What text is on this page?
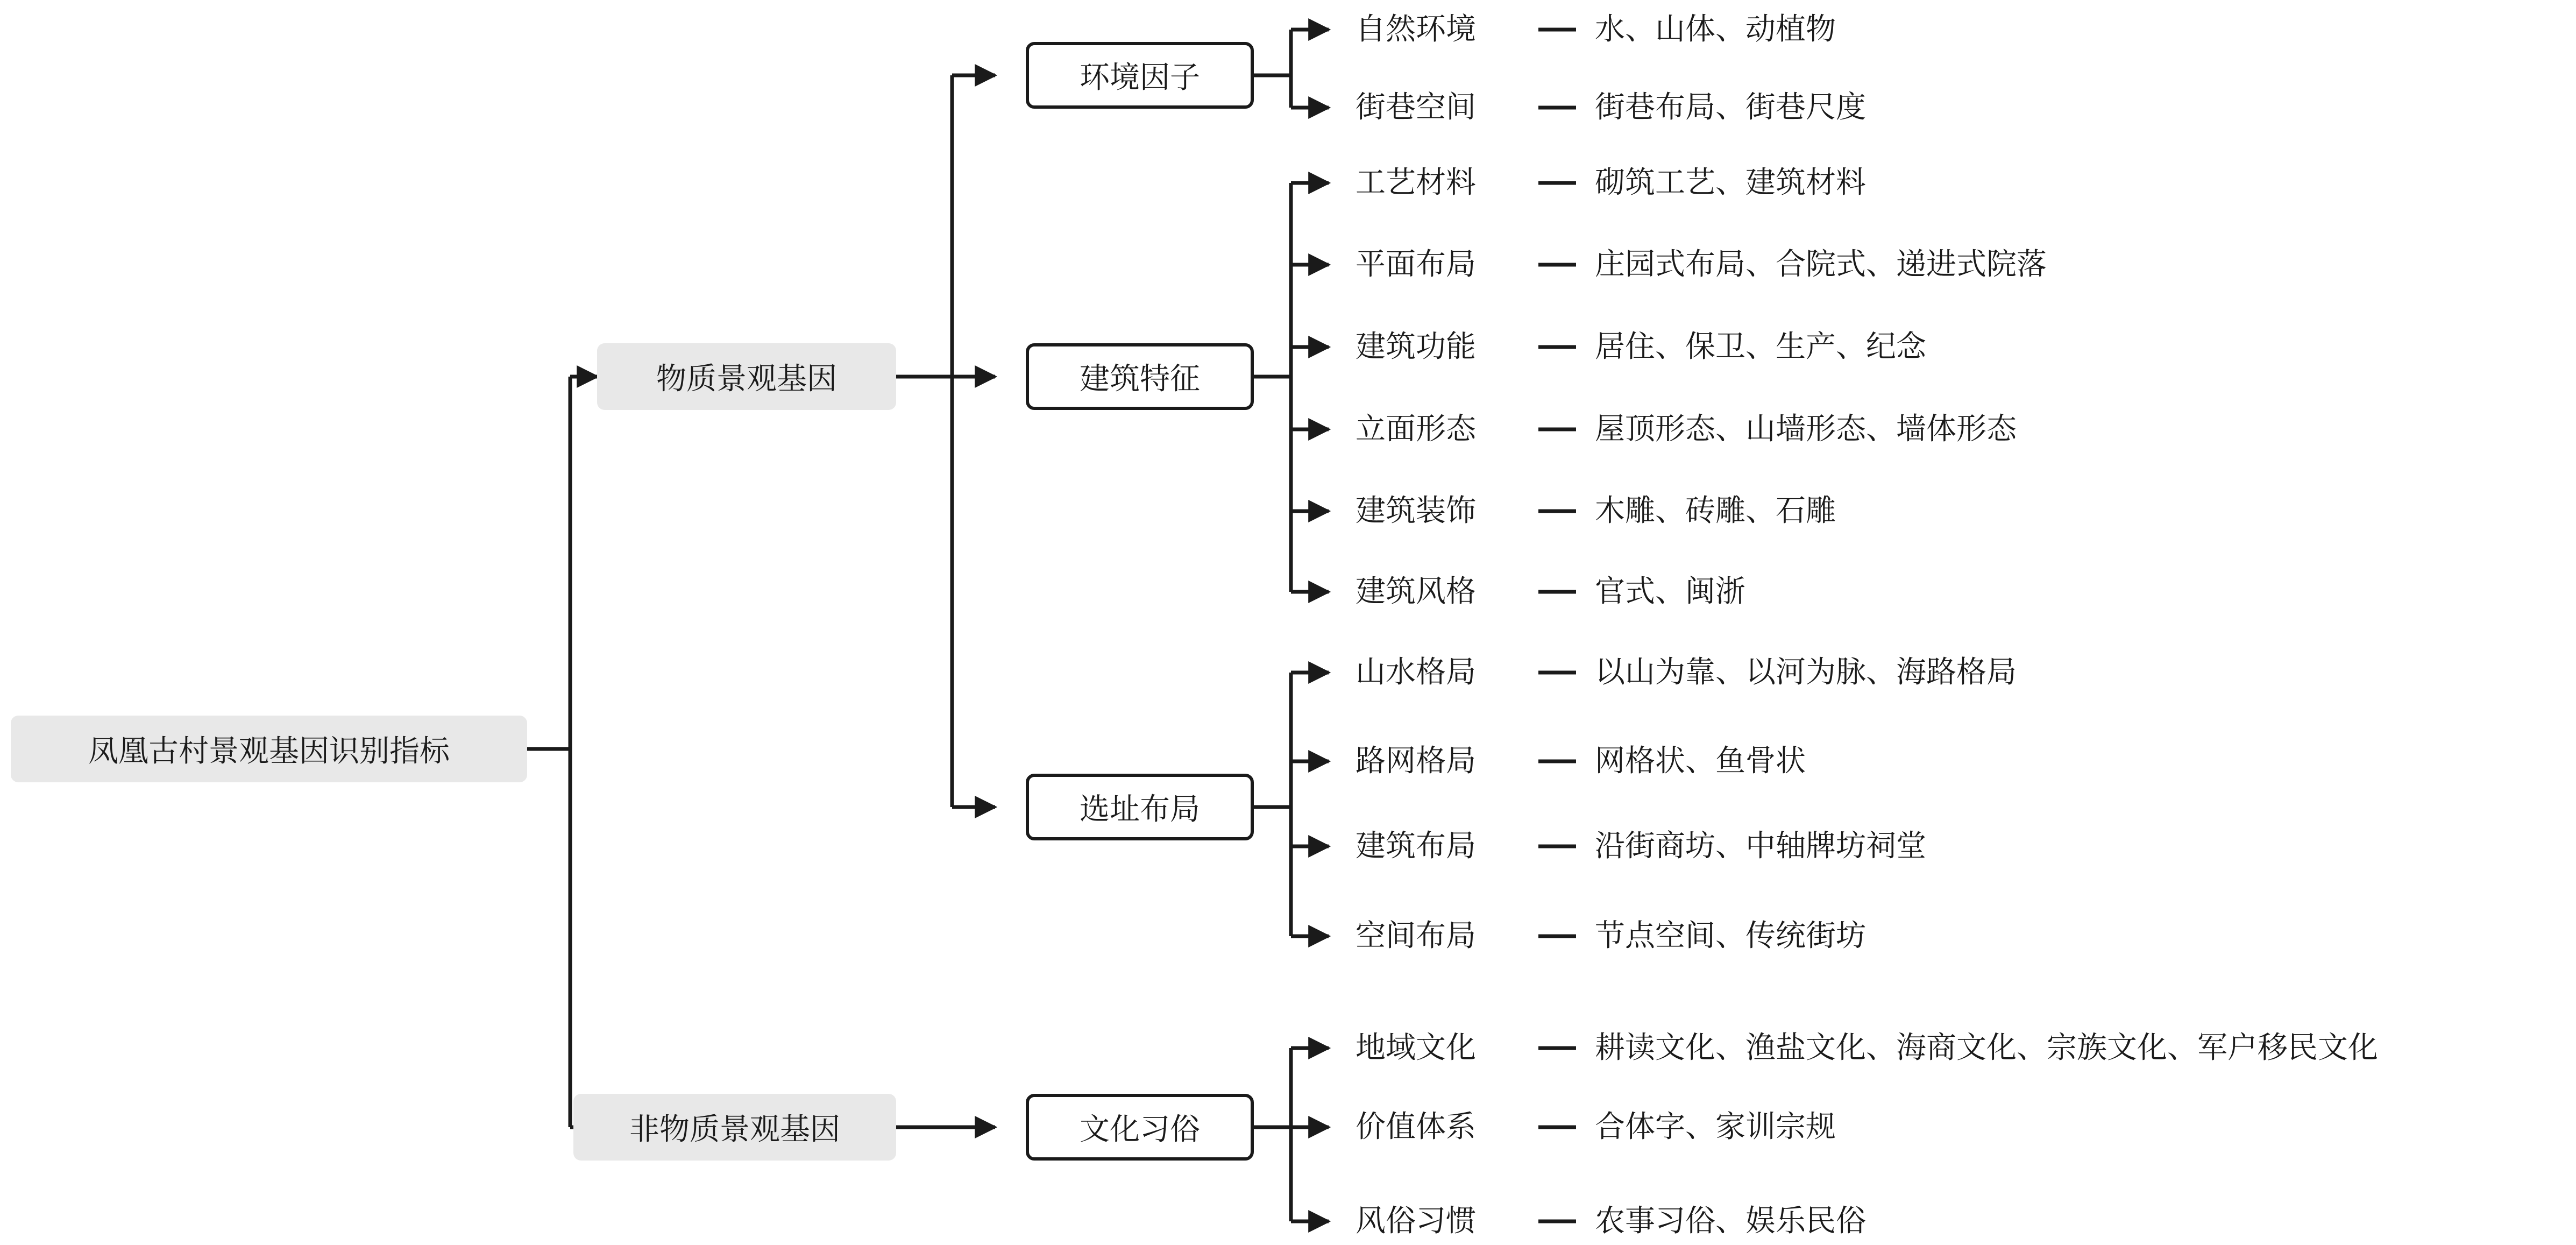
凤凰古村景观基因识别指标
物质景观基因
非物质景观基因
环境因子
建筑特征
选址布局
文化习俗
自然环境	水、山体、动植物
街巷空间	街巷布局、街巷尺度
工艺材料	砌筑工艺、建筑材料
平面布局	庄园式布局、合院式、递进式院落
建筑功能	居住、保卫、生产、纪念
立面形态	屋顶形态、山墙形态、墙体形态
建筑装饰	木雕、砖雕、石雕
建筑风格	官式、闽浙
山水格局	以山为靠、以河为脉、海路格局
路网格局	网格状、鱼骨状
建筑布局	沿街商坊、中轴牌坊祠堂
空间布局	节点空间、传统街坊
地域文化	耕读文化、渔盐文化、海商文化、宗族文化、军户移民文化
价值体系	合体字、家训宗规
风俗习惯	农事习俗、娱乐民俗
